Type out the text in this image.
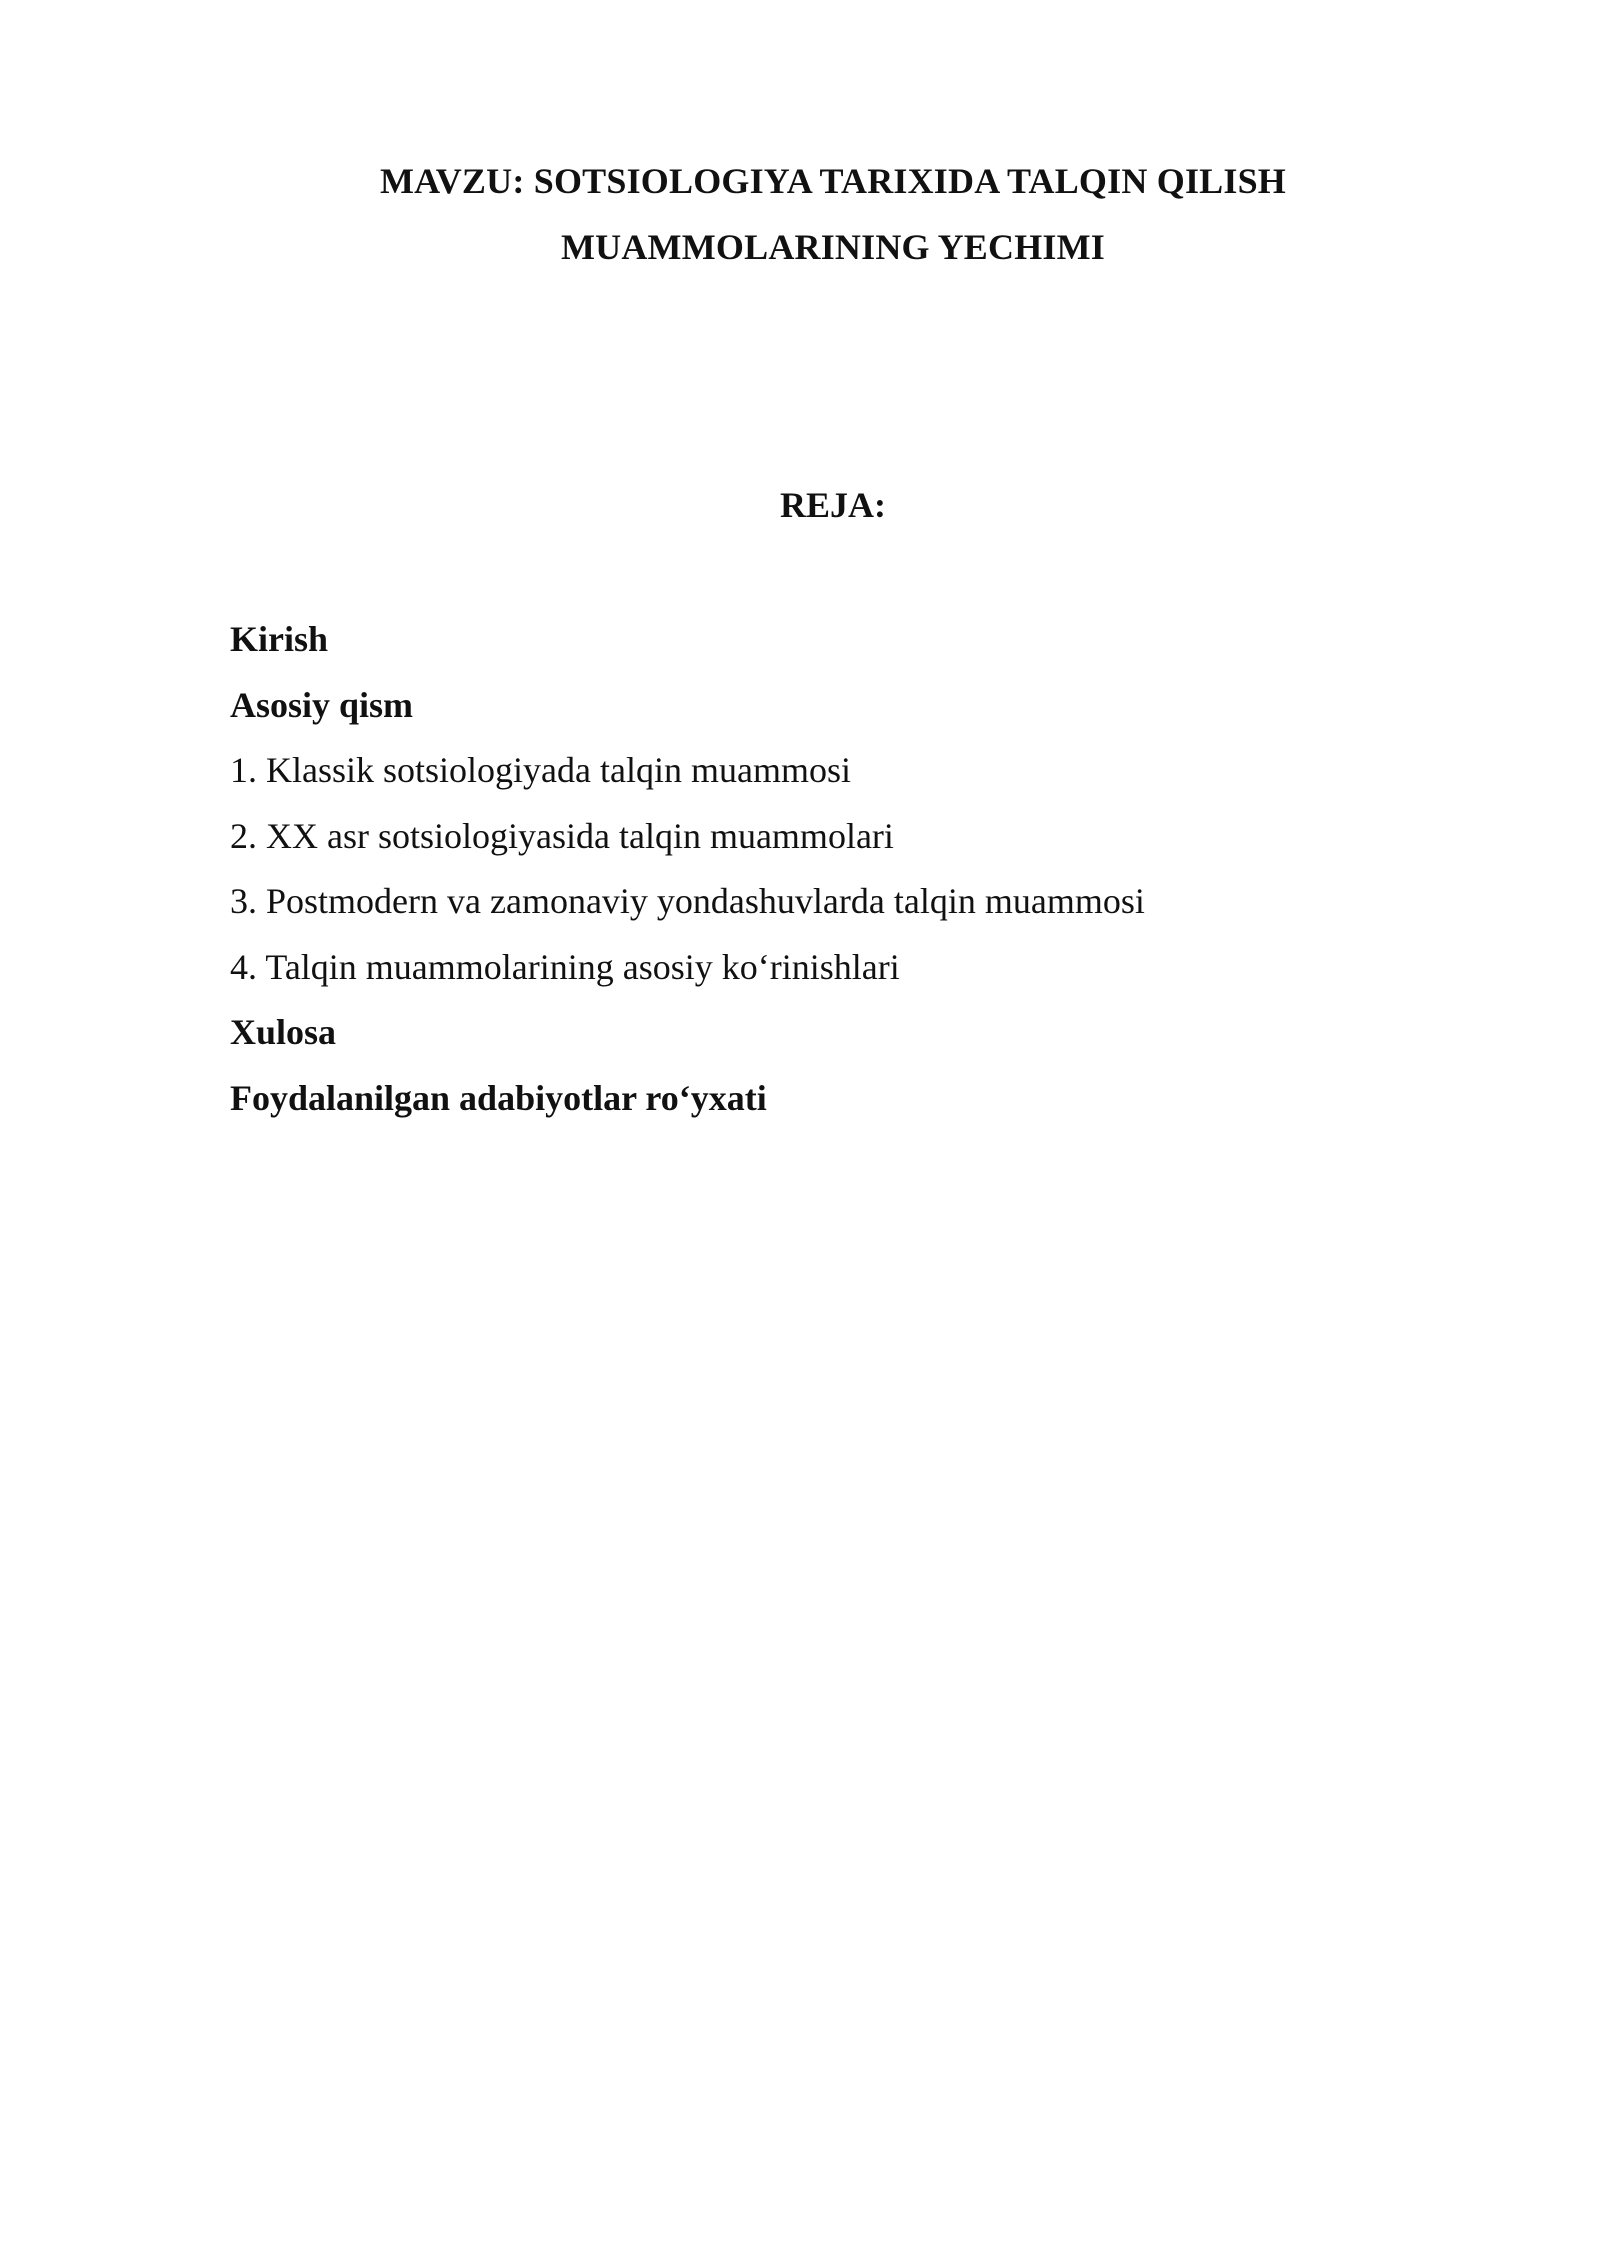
MAVZU: SOTSIOLOGIYA TARIXIDA TALQIN QILISH
MUAMMOLARINING YECHIMI
REJA:
Kirish
Asosiy qism
1. Klassik sotsiologiyada talqin muammosi
2. XX asr sotsiologiyasida talqin muammolari
3. Postmodern va zamonaviy yondashuvlarda talqin muammosi
4. Talqin muammolarining asosiy ko‘rinishlari
Xulosa
Foydalanilgan adabiyotlar ro‘yxati
